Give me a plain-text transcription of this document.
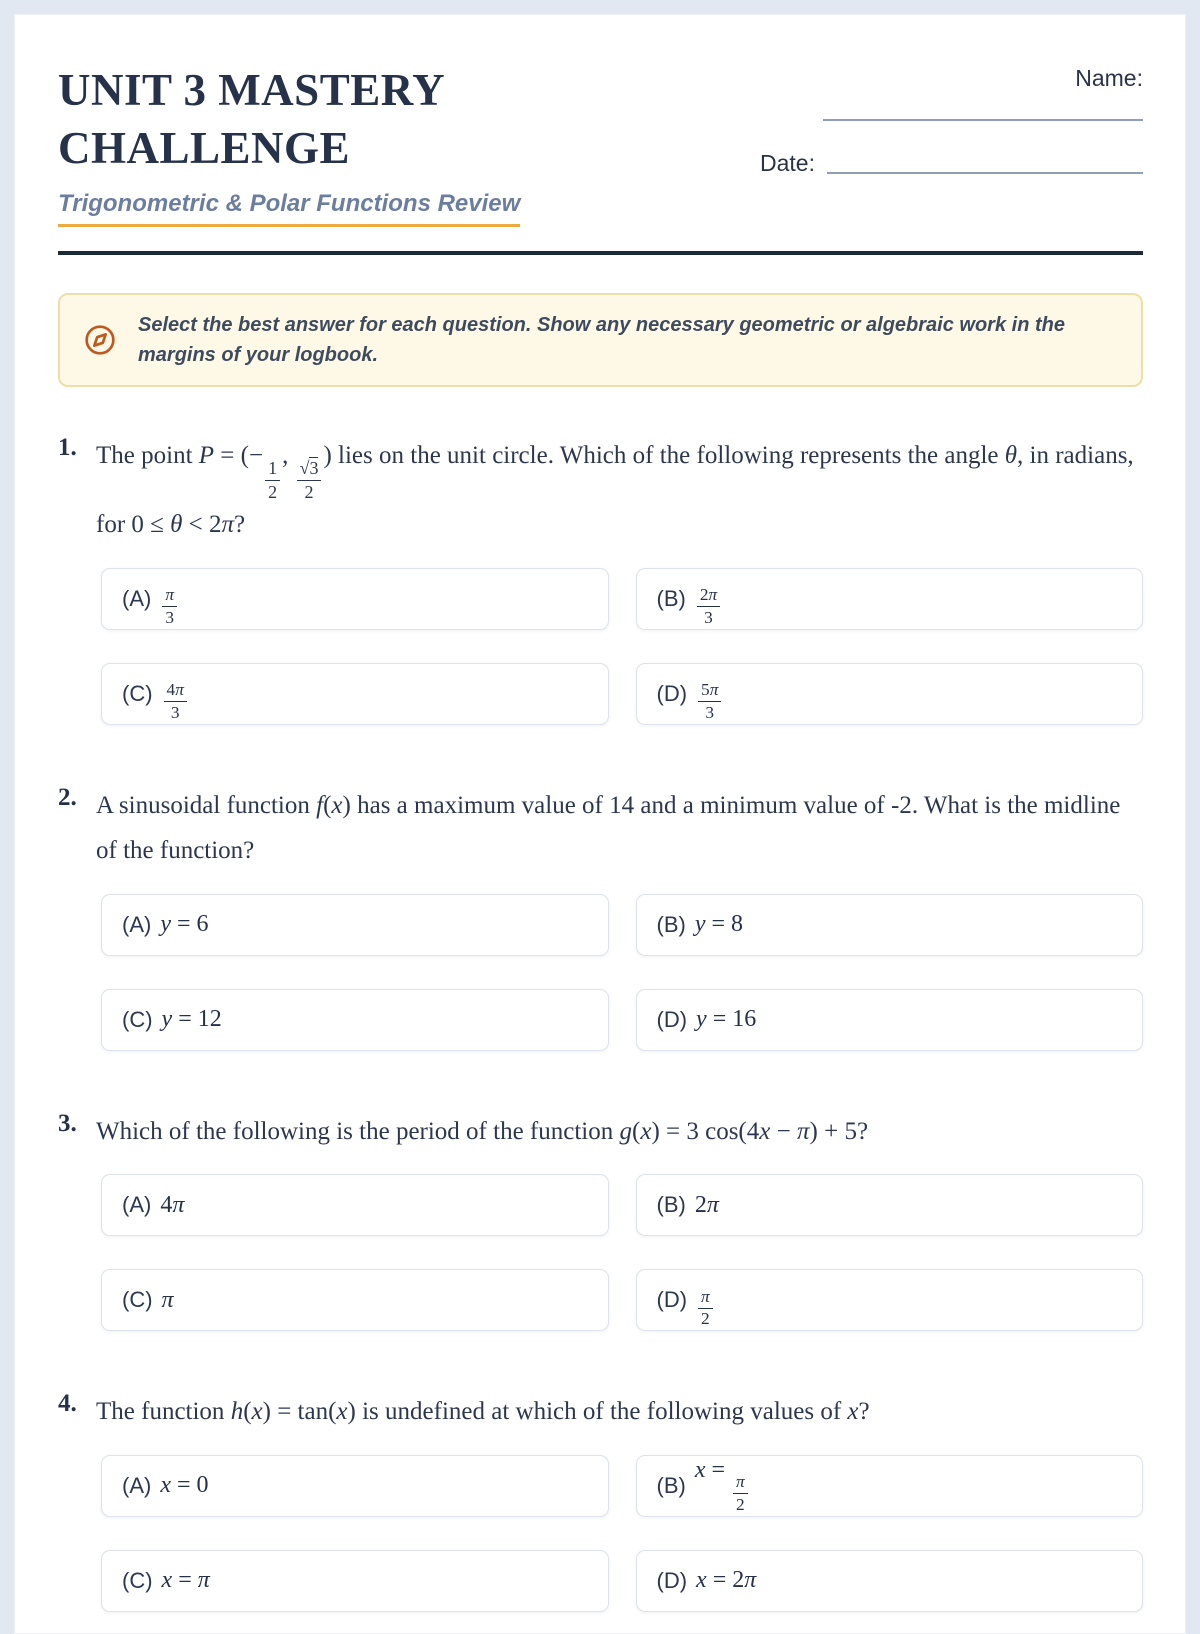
UNIT 3 MASTERY
CHALLENGE
Trigonometric & Polar Functions Review
Name:
Date:
Select the best answer for each question. Show any necessary geometric or algebraic work in the margins of your logbook.
1. The point P = (−
$\frac{1}{2}$
,
$\frac{√3}{2}$
) lies on the unit circle. Which of the following represents the angle θ, in radians, for 0 ≤ θ < 2π?
$(A) \frac{\pi}{3}$	$(B) \frac{2\pi}{3}$
$(C) \frac{4\pi}{3}$	$(D) \frac{5\pi}{3}$
2. A sinusoidal function f(x) has a maximum value of 14 and a minimum value of -2. What is the midline of the function?
(A) y = 6	(B) y = 8
(C) y = 12	(D) y = 16
3. Which of the following is the period of the function g(x) = 3 cos(4x − π) + 5?
(A) 4π	(B) 2π
(C) π	$(D) \frac{\pi}{2}$
4. The function h(x) = tan(x) is undefined at which of the following values of x?
(A) x = 0	(B)
x =
$\frac{\pi}{2}$
(C) x = π	(D) x = 2π
